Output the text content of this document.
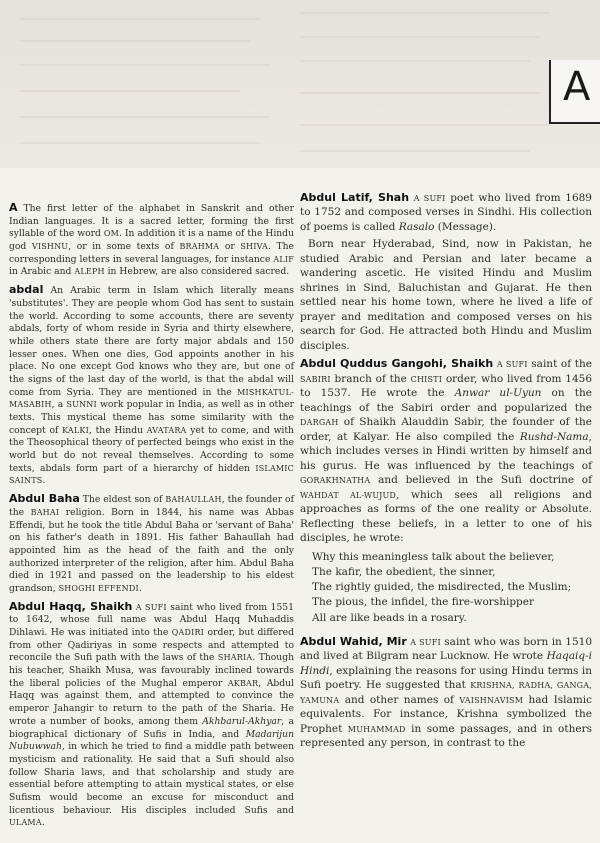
A

A The first letter of the alphabet in Sanskrit and other Indian languages. It is a sacred letter, forming the first syllable of the word OM. In addition it is a name of the Hindu god VISHNU, or in some texts of BRAHMA or SHIVA. The corresponding letters in several languages, for instance ALIF in Arabic and ALEPH in Hebrew, are also considered sacred.

abdal An Arabic term in Islam which literally means 'substitutes'. They are people whom God has sent to sustain the world. According to some accounts, there are seventy abdals, forty of whom reside in Syria and thirty elsewhere, while others state there are forty major abdals and 150 lesser ones. When one dies, God appoints another in his place. No one except God knows who they are, but one of the signs of the last day of the world, is that the abdal will come from Syria. They are mentioned in the MISHKATUL-MASABIH, a SUNNI work popular in India, as well as in other texts. This mystical theme has some similarity with the concept of KALKI, the Hindu AVATARA yet to come, and with the Theosophical theory of perfected beings who exist in the world but do not reveal themselves. According to some texts, abdals form part of a hierarchy of hidden ISLAMIC SAINTS.

Abdul Baha The eldest son of BAHAULLAH, the founder of the BAHAI religion. Born in 1844, his name was Abbas Effendi, but he took the title Abdul Baha or 'servant of Baha' on his father's death in 1891. His father Bahaullah had appointed him as the head of the faith and the only authorized interpreter of the religion, after him. Abdul Baha died in 1921 and passed on the leadership to his eldest grandson, SHOGHI EFFENDI.

Abdul Haqq, Shaikh A SUFI saint who lived from 1551 to 1642, whose full name was Abdul Haqq Muhaddis Dihlawi. He was initiated into the QADIRI order, but differed from other Qadiriyas in some respects and attempted to reconcile the Sufi path with the laws of the SHARIA. Though his teacher, Shaikh Musa, was favourably inclined towards the liberal policies of the Mughal emperor AKBAR, Abdul Haqq was against them, and attempted to convince the emperor Jahangir to return to the path of the Sharia. He wrote a number of books, among them Akhbarul-Akhyar, a biographical dictionary of Sufis in India, and Madarijun Nubuwwah, in which he tried to find a middle path between mysticism and rationality. He said that a Sufi should also follow Sharia laws, and that scholarship and study are essential before attempting to attain mystical states, or else Sufism would become an excuse for misconduct and licentious behaviour. His disciples included Sufis and ULAMA.

Abdul Latif, Shah A SUFI poet who lived from 1689 to 1752 and composed verses in Sindhi. His collection of poems is called Rasalo (Message).

Born near Hyderabad, Sind, now in Pakistan, he studied Arabic and Persian and later became a wandering ascetic. He visited Hindu and Muslim shrines in Sind, Baluchistan and Gujarat. He then settled near his home town, where he lived a life of prayer and meditation and composed verses on his search for God. He attracted both Hindu and Muslim disciples.

Abdul Quddus Gangohi, Shaikh A SUFI saint of the SABIRI branch of the CHISTI order, who lived from 1456 to 1537. He wrote the Anwar ul-Uyun on the teachings of the Sabiri order and popularized the DARGAH of Shaikh Alauddin Sabir, the founder of the order, at Kalyar. He also compiled the Rushd-Nama, which includes verses in Hindi written by himself and his gurus. He was influenced by the teachings of GORAKHNATHA and believed in the Sufi doctrine of WAHDAT AL-WUJUD, which sees all religions and approaches as forms of the one reality or Absolute. Reflecting these beliefs, in a letter to one of his disciples, he wrote:

Why this meaningless talk about the believer,
The kafir, the obedient, the sinner,
The rightly guided, the misdirected, the Muslim;
The pious, the infidel, the fire-worshipper
All are like beads in a rosary.

Abdul Wahid, Mir A SUFI saint who was born in 1510 and lived at Bilgram near Lucknow. He wrote Haqaiq-i Hindi, explaining the reasons for using Hindu terms in Sufi poetry. He suggested that KRISHNA, RADHA, GANGA, YAMUNA and other names of VAISHNAVISM had Islamic equivalents. For instance, Krishna symbolized the Prophet MUHAMMAD in some passages, and in others represented any person, in contrast to the
